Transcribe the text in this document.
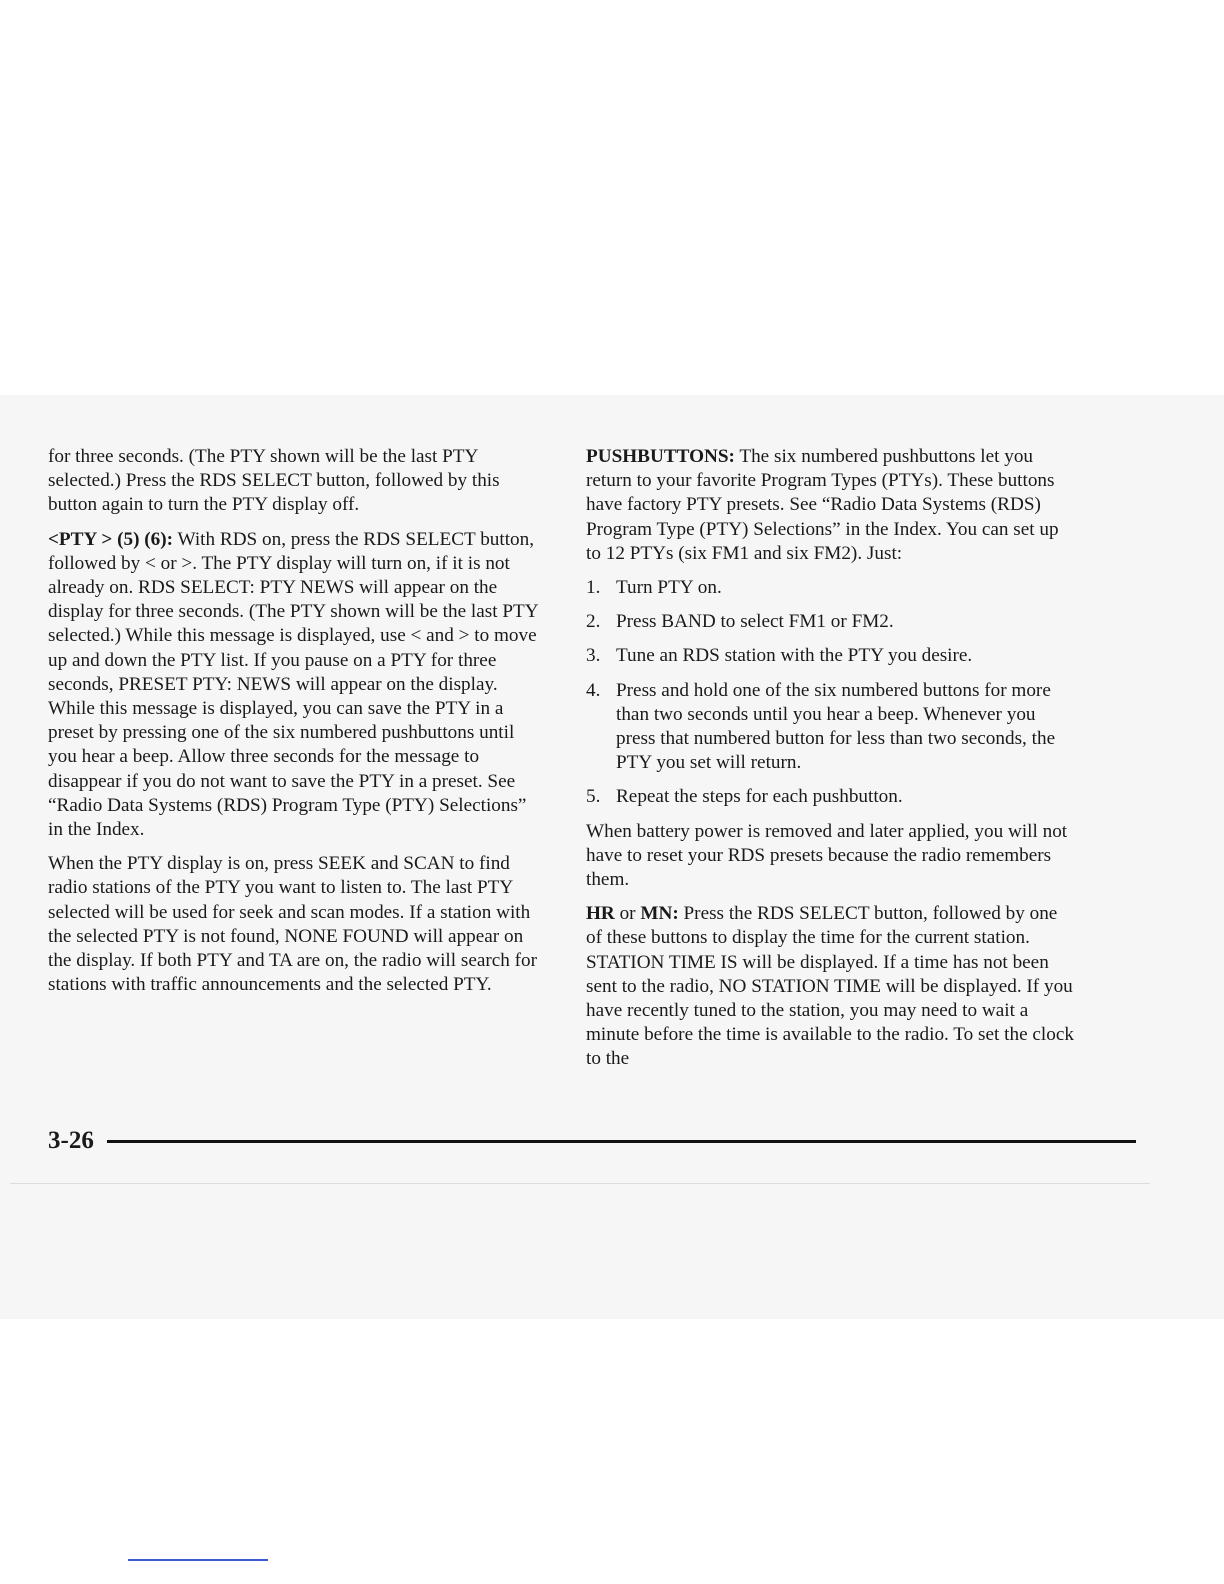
for three seconds. (The PTY shown will be the last PTY selected.) Press the RDS SELECT button, followed by this button again to turn the PTY display off.

<PTY > (5) (6): With RDS on, press the RDS SELECT button, followed by < or >. The PTY display will turn on, if it is not already on. RDS SELECT: PTY NEWS will appear on the display for three seconds. (The PTY shown will be the last PTY selected.) While this message is displayed, use < and > to move up and down the PTY list. If you pause on a PTY for three seconds, PRESET PTY: NEWS will appear on the display. While this message is displayed, you can save the PTY in a preset by pressing one of the six numbered pushbuttons until you hear a beep. Allow three seconds for the message to disappear if you do not want to save the PTY in a preset. See “Radio Data Systems (RDS) Program Type (PTY) Selections” in the Index.

When the PTY display is on, press SEEK and SCAN to find radio stations of the PTY you want to listen to. The last PTY selected will be used for seek and scan modes. If a station with the selected PTY is not found, NONE FOUND will appear on the display. If both PTY and TA are on, the radio will search for stations with traffic announcements and the selected PTY.

PUSHBUTTONS: The six numbered pushbuttons let you return to your favorite Program Types (PTYs). These buttons have factory PTY presets. See “Radio Data Systems (RDS) Program Type (PTY) Selections” in the Index. You can set up to 12 PTYs (six FM1 and six FM2). Just:

1. Turn PTY on.
2. Press BAND to select FM1 or FM2.
3. Tune an RDS station with the PTY you desire.
4. Press and hold one of the six numbered buttons for more than two seconds until you hear a beep. Whenever you press that numbered button for less than two seconds, the PTY you set will return.
5. Repeat the steps for each pushbutton.

When battery power is removed and later applied, you will not have to reset your RDS presets because the radio remembers them.

HR or MN: Press the RDS SELECT button, followed by one of these buttons to display the time for the current station. STATION TIME IS will be displayed. If a time has not been sent to the radio, NO STATION TIME will be displayed. If you have recently tuned to the station, you may need to wait a minute before the time is available to the radio. To set the clock to the

3-26
